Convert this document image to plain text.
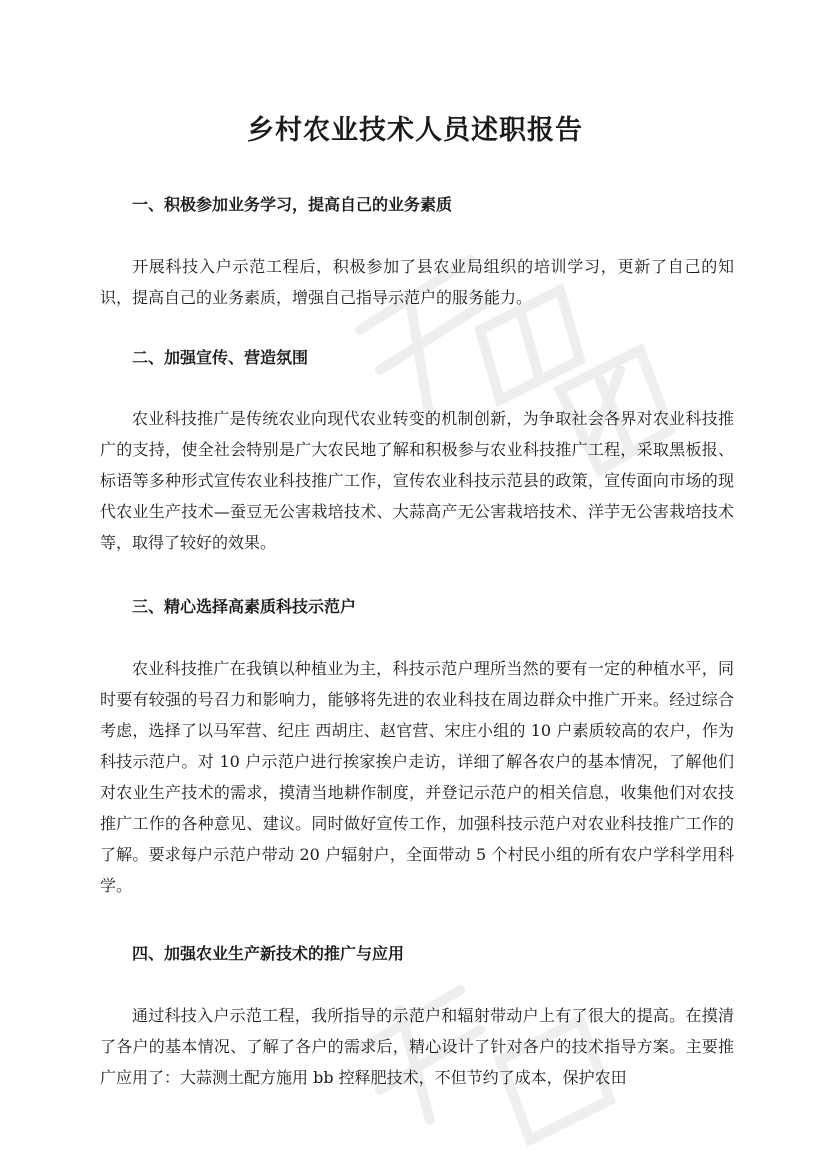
乡村农业技术人员述职报告
一、积极参加业务学习，提高自己的业务素质

开展科技入户示范工程后，积极参加了县农业局组织的培训学习，更新了自己的知识，提高自己的业务素质，增强自己指导示范户的服务能力。

二、加强宣传、营造氛围

农业科技推广是传统农业向现代农业转变的机制创新，为争取社会各界对农业科技推广的支持，使全社会特别是广大农民地了解和积极参与农业科技推广工程，采取黑板报、标语等多种形式宣传农业科技推广工作，宣传农业科技示范县的政策，宣传面向市场的现代农业生产技术—蚕豆无公害栽培技术、大蒜高产无公害栽培技术、洋芋无公害栽培技术等，取得了较好的效果。

三、精心选择高素质科技示范户

农业科技推广在我镇以种植业为主，科技示范户理所当然的要有一定的种植水平，同时要有较强的号召力和影响力，能够将先进的农业科技在周边群众中推广开来。经过综合考虑，选择了以马军营、纪庄 西胡庄、赵官营、宋庄小组的 10 户素质较高的农户，作为科技示范户。对 10 户示范户进行挨家挨户走访，详细了解各农户的基本情况，了解他们对农业生产技术的需求，摸清当地耕作制度，并登记示范户的相关信息，收集他们对农技推广工作的各种意见、建议。同时做好宣传工作，加强科技示范户对农业科技推广工作的了解。要求每户示范户带动 20 户辐射户，全面带动 5 个村民小组的所有农户学科学用科学。

四、加强农业生产新技术的推广与应用

通过科技入户示范工程，我所指导的示范户和辐射带动户上有了很大的提高。在摸清了各户的基本情况、了解了各户的需求后，精心设计了针对各户的技术指导方案。主要推广应用了：大蒜测土配方施用 bb 控释肥技术，不但节约了成本，保护农田
